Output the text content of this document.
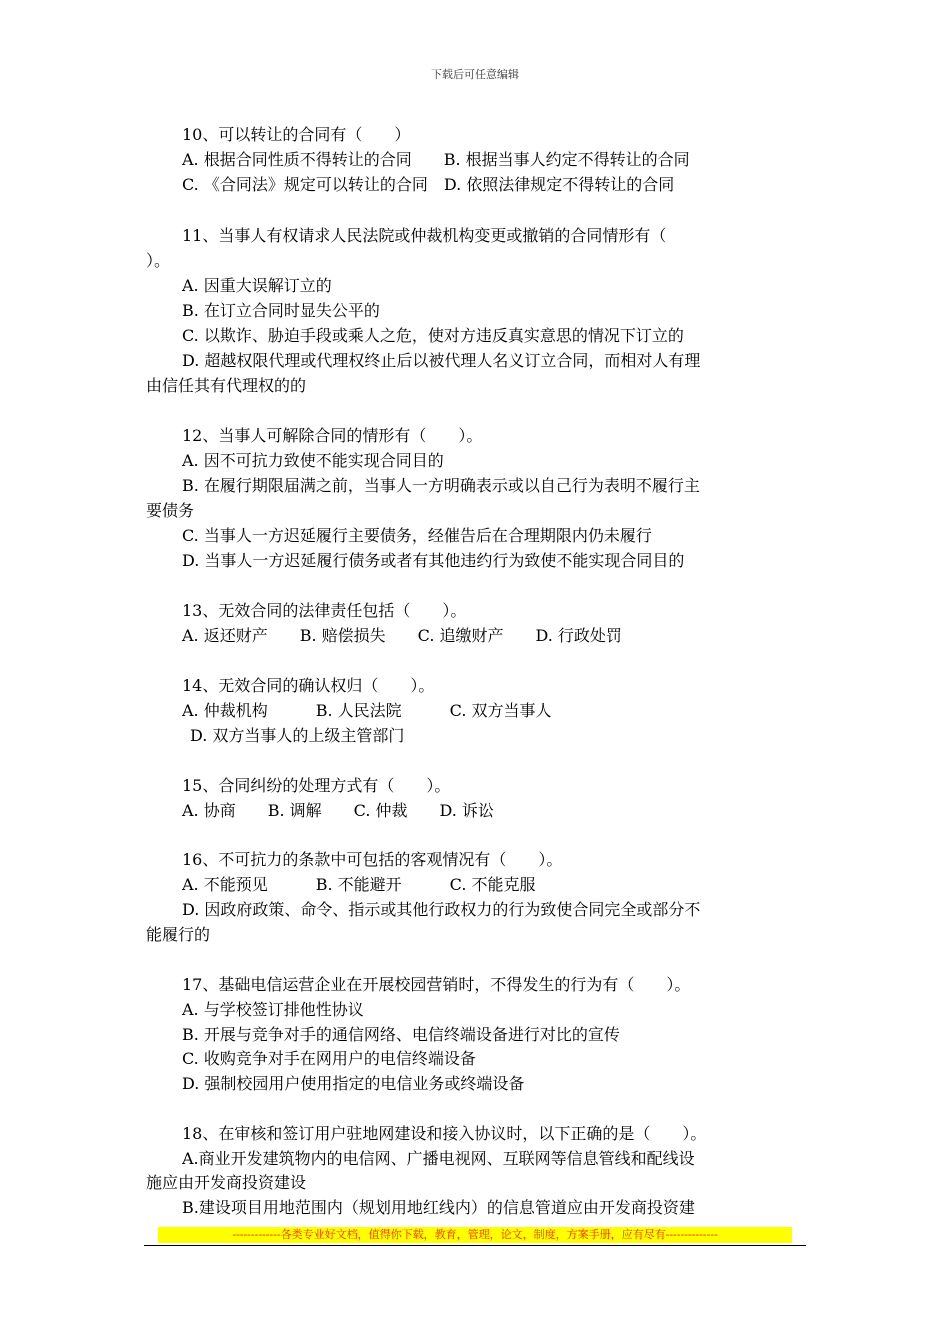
下载后可任意编辑
10、可以转让的合同有（　　）
A. 根据合同性质不得转让的合同　　B. 根据当事人约定不得转让的合同
C. 《合同法》规定可以转让的合同　D. 依照法律规定不得转让的合同
11、当事人有权请求人民法院或仲裁机构变更或撤销的合同情形有（
）。
A. 因重大误解订立的
B. 在订立合同时显失公平的
C. 以欺诈、胁迫手段或乘人之危，使对方违反真实意思的情况下订立的
D. 超越权限代理或代理权终止后以被代理人名义订立合同，而相对人有理
由信任其有代理权的的
12、当事人可解除合同的情形有（　　）。
A. 因不可抗力致使不能实现合同目的
B. 在履行期限届满之前，当事人一方明确表示或以自己行为表明不履行主
要债务
C. 当事人一方迟延履行主要债务，经催告后在合理期限内仍未履行
D. 当事人一方迟延履行债务或者有其他违约行为致使不能实现合同目的
13、无效合同的法律责任包括（　　）。
A. 返还财产　　B. 赔偿损失　　C. 追缴财产　　D. 行政处罚
14、无效合同的确认权归（　　）。
A. 仲裁机构　　　B. 人民法院　　　C. 双方当事人
D. 双方当事人的上级主管部门
15、合同纠纷的处理方式有（　　）。
A. 协商　　B. 调解　　C. 仲裁　　D. 诉讼
16、不可抗力的条款中可包括的客观情况有（　　）。
A. 不能预见　　　B. 不能避开　　　C. 不能克服
D. 因政府政策、命令、指示或其他行政权力的行为致使合同完全或部分不
能履行的
17、基础电信运营企业在开展校园营销时，不得发生的行为有（　　）。
A. 与学校签订排他性协议
B. 开展与竞争对手的通信网络、电信终端设备进行对比的宣传
C. 收购竞争对手在网用户的电信终端设备
D. 强制校园用户使用指定的电信业务或终端设备
18、在审核和签订用户驻地网建设和接入协议时，以下正确的是（　　）。
A.商业开发建筑物内的电信网、广播电视网、互联网等信息管线和配线设
施应由开发商投资建设
B.建设项目用地范围内（规划用地红线内）的信息管道应由开发商投资建
-------------各类专业好文档，值得你下载，教育，管理，论文，制度，方案手册，应有尽有--------------
